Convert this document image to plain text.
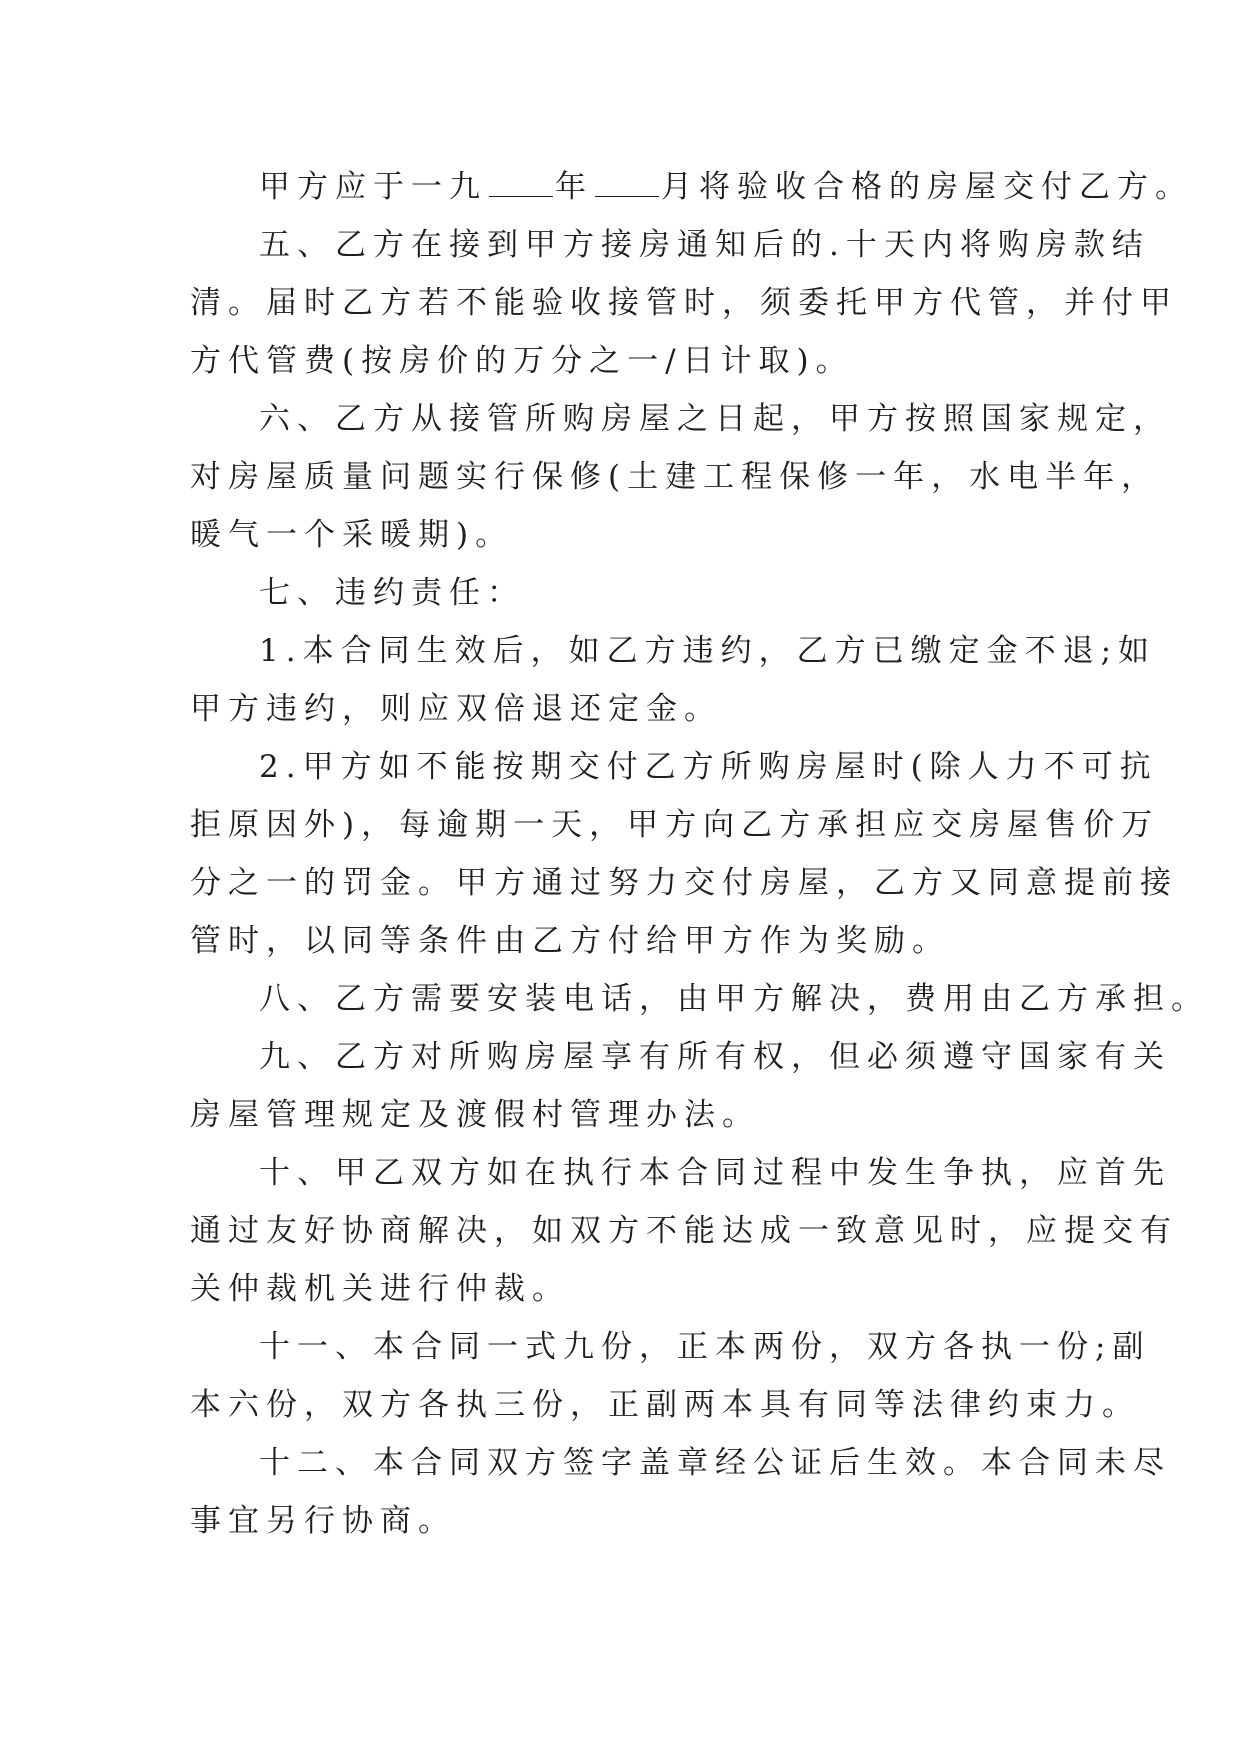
甲方应于一九 年 月将验收合格的房屋交付乙方。
五、乙方在接到甲方接房通知后的.十天内将购房款结
清。届时乙方若不能验收接管时，须委托甲方代管，并付甲
方代管费(按房价的万分之一/日计取)。
六、乙方从接管所购房屋之日起，甲方按照国家规定，
对房屋质量问题实行保修(土建工程保修一年，水电半年，
暖气一个采暖期)。
七、违约责任：
1.本合同生效后，如乙方违约，乙方已缴定金不退;如
甲方违约，则应双倍退还定金。
2.甲方如不能按期交付乙方所购房屋时(除人力不可抗
拒原因外)，每逾期一天，甲方向乙方承担应交房屋售价万
分之一的罚金。甲方通过努力交付房屋，乙方又同意提前接
管时，以同等条件由乙方付给甲方作为奖励。
八、乙方需要安装电话，由甲方解决，费用由乙方承担。
九、乙方对所购房屋享有所有权，但必须遵守国家有关
房屋管理规定及渡假村管理办法。
十、甲乙双方如在执行本合同过程中发生争执，应首先
通过友好协商解决，如双方不能达成一致意见时，应提交有
关仲裁机关进行仲裁。
十一、本合同一式九份，正本两份，双方各执一份;副
本六份，双方各执三份，正副两本具有同等法律约束力。
十二、本合同双方签字盖章经公证后生效。本合同未尽
事宜另行协商。
